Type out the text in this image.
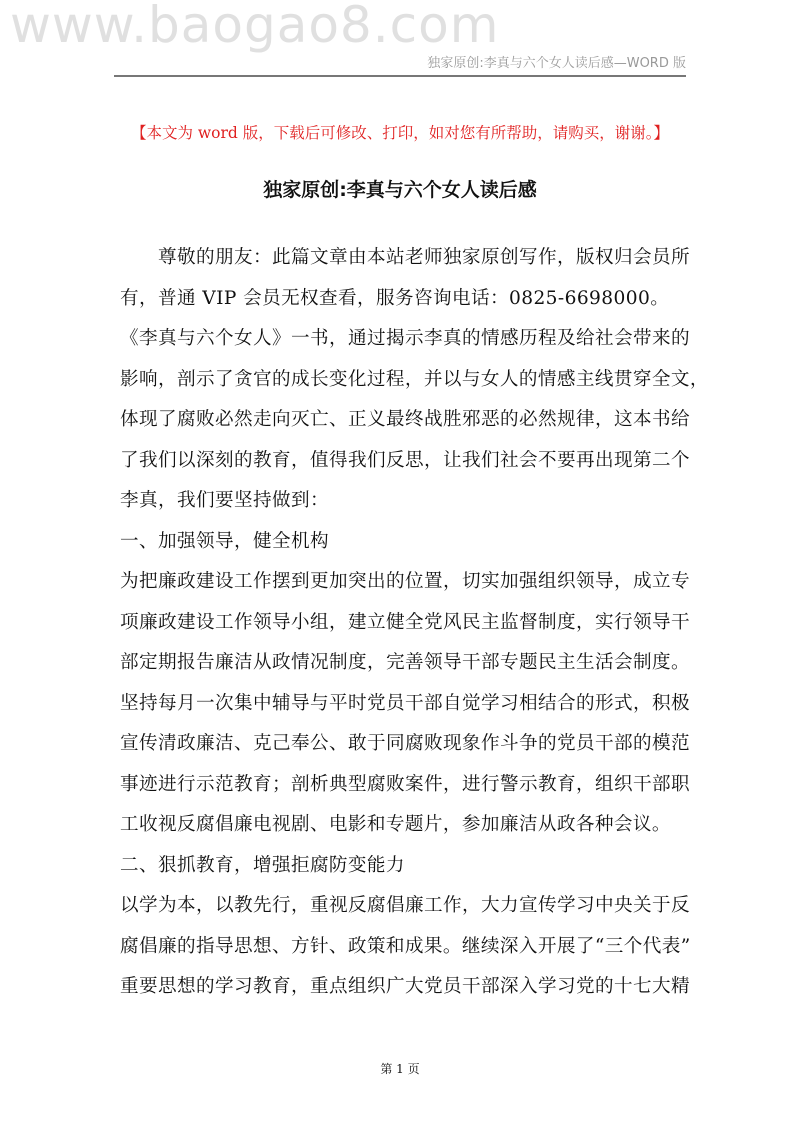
www.baogao8.com
独家原创:李真与六个女人读后感—WORD 版
【本文为 word 版，下载后可修改、打印，如对您有所帮助，请购买，谢谢。】
独家原创:李真与六个女人读后感
尊敬的朋友：此篇文章由本站老师独家原创写作，版权归会员所
有，普通 VIP 会员无权查看，服务咨询电话：0825-6698000。
《李真与六个女人》一书，通过揭示李真的情感历程及给社会带来的
影响，剖示了贪官的成长变化过程，并以与女人的情感主线贯穿全文，
体现了腐败必然走向灭亡、正义最终战胜邪恶的必然规律，这本书给
了我们以深刻的教育，值得我们反思，让我们社会不要再出现第二个
李真，我们要坚持做到：
一、加强领导，健全机构
为把廉政建设工作摆到更加突出的位置，切实加强组织领导，成立专
项廉政建设工作领导小组，建立健全党风民主监督制度，实行领导干
部定期报告廉洁从政情况制度，完善领导干部专题民主生活会制度。
坚持每月一次集中辅导与平时党员干部自觉学习相结合的形式，积极
宣传清政廉洁、克己奉公、敢于同腐败现象作斗争的党员干部的模范
事迹进行示范教育；剖析典型腐败案件，进行警示教育，组织干部职
工收视反腐倡廉电视剧、电影和专题片，参加廉洁从政各种会议。
二、狠抓教育，增强拒腐防变能力
以学为本，以教先行，重视反腐倡廉工作，大力宣传学习中央关于反
腐倡廉的指导思想、方针、政策和成果。继续深入开展了“三个代表”
重要思想的学习教育，重点组织广大党员干部深入学习党的十七大精
第 1 页
